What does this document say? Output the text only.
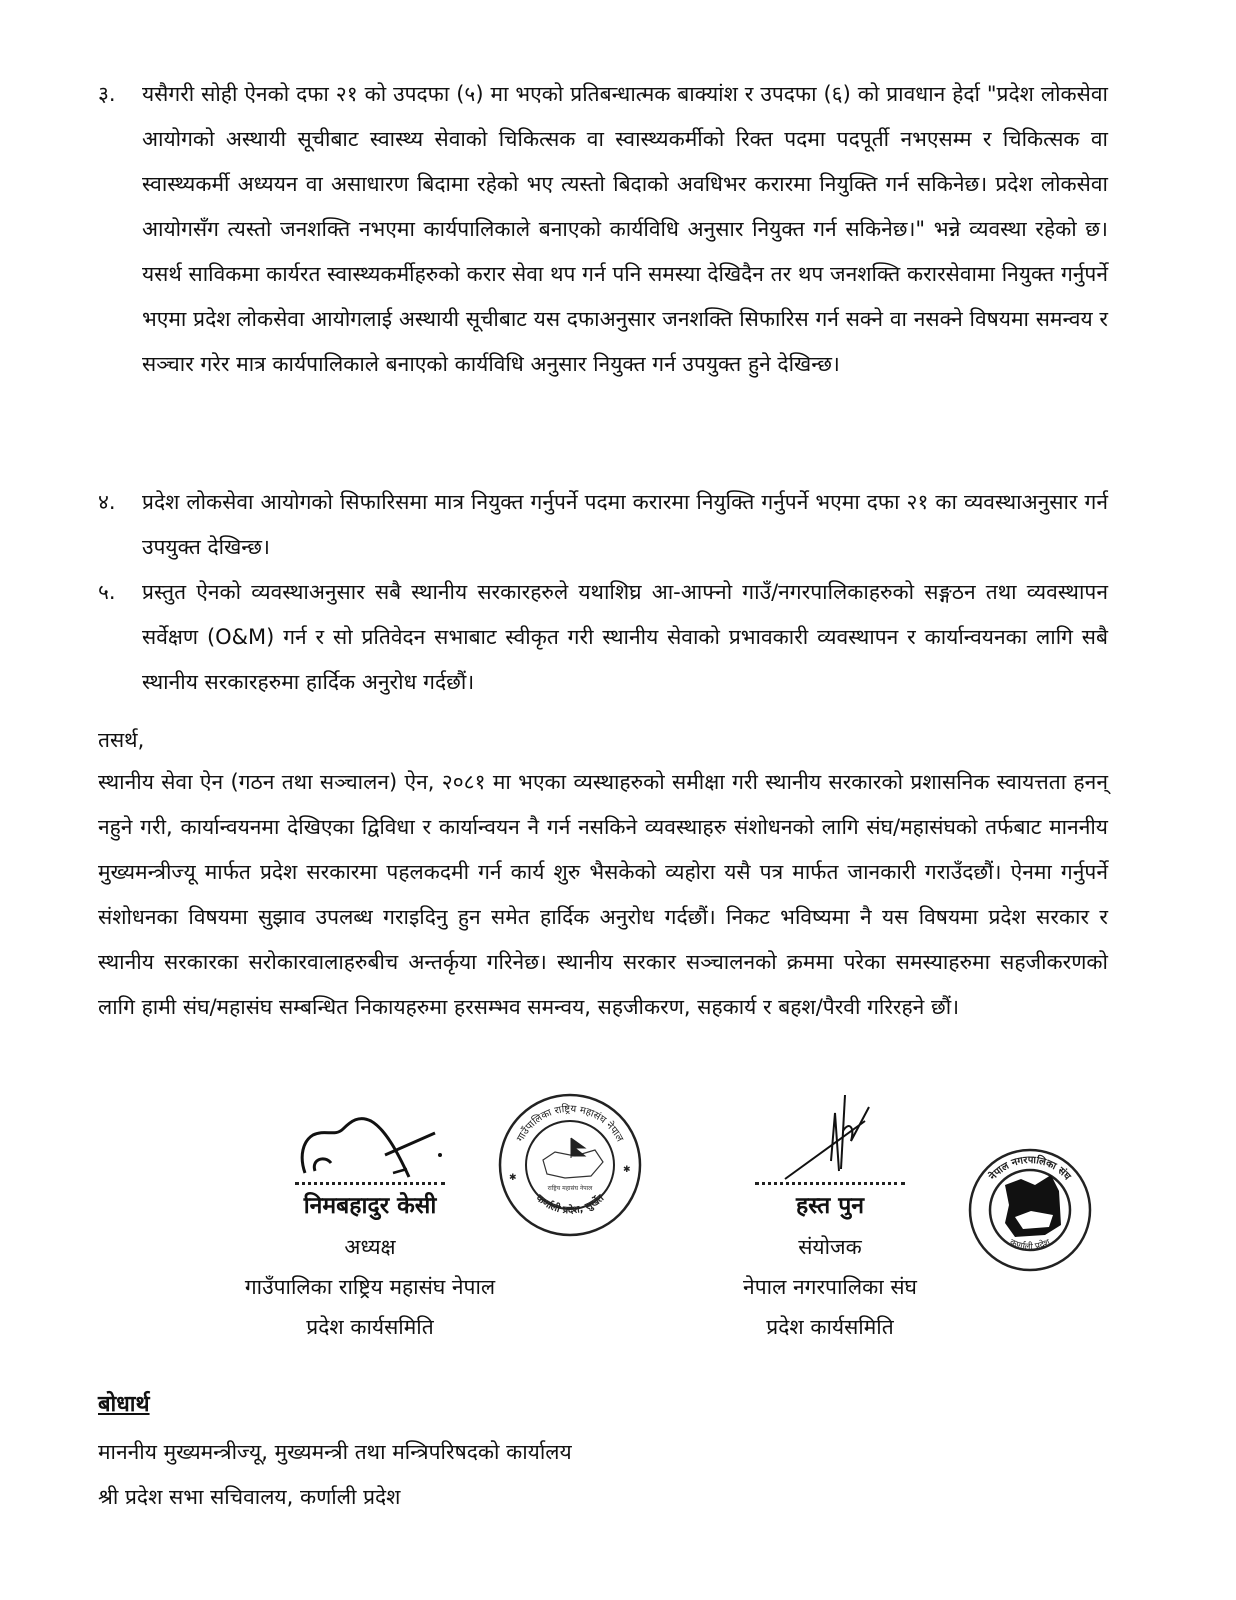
३.	यसैगरी सोही ऐनको दफा २१ को उपदफा (५) मा भएको प्रतिबन्धात्मक बाक्यांश र उपदफा (६) को प्रावधान हेर्दा "प्रदेश लोकसेवा आयोगको अस्थायी सूचीबाट स्वास्थ्य सेवाको चिकित्सक वा स्वास्थ्यकर्मीको रिक्त पदमा पदपूर्ती नभएसम्म र चिकित्सक वा स्वास्थ्यकर्मी अध्ययन वा असाधारण बिदामा रहेको भए त्यस्तो बिदाको अवधिभर करारमा नियुक्ति गर्न सकिनेछ। प्रदेश लोकसेवा आयोगसँग त्यस्तो जनशक्ति नभएमा कार्यपालिकाले बनाएको कार्यविधि अनुसार नियुक्त गर्न सकिनेछ।" भन्ने व्यवस्था रहेको छ। यसर्थ साविकमा कार्यरत स्वास्थ्यकर्मीहरुको करार सेवा थप गर्न पनि समस्या देखिदैन तर थप जनशक्ति करारसेवामा नियुक्त गर्नुपर्ने भएमा प्रदेश लोकसेवा आयोगलाई अस्थायी सूचीबाट यस दफाअनुसार जनशक्ति सिफारिस गर्न सक्ने वा नसक्ने विषयमा समन्वय र सञ्चार गरेर मात्र कार्यपालिकाले बनाएको कार्यविधि अनुसार नियुक्त गर्न उपयुक्त हुने देखिन्छ।
४.	प्रदेश लोकसेवा आयोगको सिफारिसमा मात्र नियुक्त गर्नुपर्ने पदमा करारमा नियुक्ति गर्नुपर्ने भएमा दफा २१ का व्यवस्थाअनुसार गर्न उपयुक्त देखिन्छ।
५.	प्रस्तुत ऐनको व्यवस्थाअनुसार सबै स्थानीय सरकारहरुले यथाशिघ्र आ-आफ्नो गाउँ/नगरपालिकाहरुको सङ्गठन तथा व्यवस्थापन सर्वेक्षण (O&M) गर्न र सो प्रतिवेदन सभाबाट स्वीकृत गरी स्थानीय सेवाको प्रभावकारी व्यवस्थापन र कार्यान्वयनका लागि सबै स्थानीय सरकारहरुमा हार्दिक अनुरोध गर्दछौं।
तसर्थ,
स्थानीय सेवा ऐन (गठन तथा सञ्चालन) ऐन, २०८१ मा भएका व्यस्थाहरुको समीक्षा गरी स्थानीय सरकारको प्रशासनिक स्वायत्तता हनन् नहुने गरी, कार्यान्वयनमा देखिएका द्विविधा र कार्यान्वयन नै गर्न नसकिने व्यवस्थाहरु संशोधनको लागि संघ/महासंघको तर्फबाट माननीय मुख्यमन्त्रीज्यू मार्फत प्रदेश सरकारमा पहलकदमी गर्न कार्य शुरु भैसकेको व्यहोरा यसै पत्र मार्फत जानकारी गराउँदछौं। ऐनमा गर्नुपर्ने संशोधनका विषयमा सुझाव उपलब्ध गराइदिनु हुन समेत हार्दिक अनुरोध गर्दछौं। निकट भविष्यमा नै यस विषयमा प्रदेश सरकार र स्थानीय सरकारका सरोकारवालाहरुबीच अन्तर्कृया गरिनेछ। स्थानीय सरकार सञ्चालनको क्रममा परेका समस्याहरुमा सहजीकरणको लागि हामी संघ/महासंघ सम्बन्धित निकायहरुमा हरसम्भव समन्वय, सहजीकरण, सहकार्य र बहश/पैरवी गरिरहने छौं।
निमबहादुर केसी
अध्यक्ष
गाउँपालिका राष्ट्रिय महासंघ नेपाल
प्रदेश कार्यसमिति
गाउँपालिका राष्ट्रिय महासंघ नेपाल
कर्णाली प्रदेश, सुर्खेत
राष्ट्रिय महासंघ नेपाल
✱
✱
हस्त पुन
संयोजक
नेपाल नगरपालिका संघ
प्रदेश कार्यसमिति
नेपाल नगरपालिका संघ
कर्णाली प्रदेश
बोधार्थ
माननीय मुख्यमन्त्रीज्यू, मुख्यमन्त्री तथा मन्त्रिपरिषदको कार्यालय
श्री प्रदेश सभा सचिवालय, कर्णाली प्रदेश
